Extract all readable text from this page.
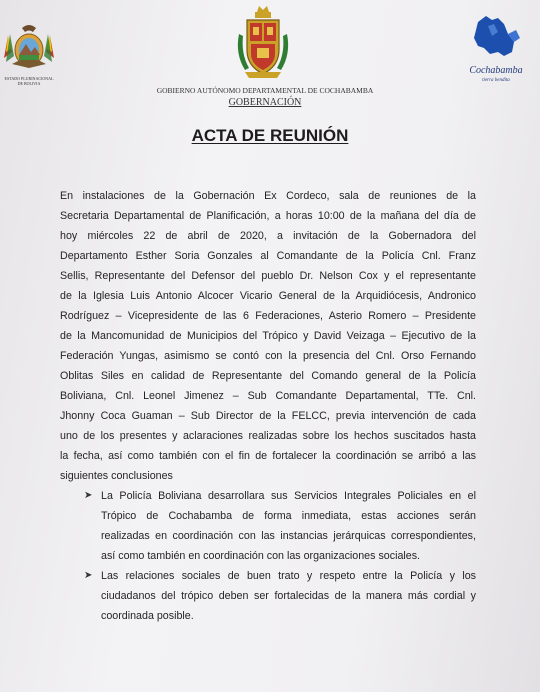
ESTADO PLURINACIONAL
DE BOLIVIA
Cochabamba
tierra bendita
GOBIERNO AUTÓNOMO DEPARTAMENTAL DE COCHABAMBA
GOBERNACIÓN
ACTA DE REUNIÓN
En instalaciones de la Gobernación Ex Cordeco, sala de reuniones de la
Secretaria Departamental de Planificación, a horas 10:00 de la mañana del día de
hoy miércoles 22 de abril de 2020, a invitación de la Gobernadora del
Departamento Esther Soria Gonzales al Comandante de la Policía Cnl. Franz
Sellis, Representante del Defensor del pueblo Dr. Nelson Cox y el representante
de la Iglesia Luis Antonio Alcocer Vicario General de la Arquidiócesis, Andronico
Rodríguez – Vicepresidente de las 6 Federaciones, Asterio Romero – Presidente
de la Mancomunidad de Municipios del Trópico y David Veizaga – Ejecutivo de la
Federación Yungas, asimismo se contó con la presencia del Cnl. Orso Fernando
Oblitas Siles en calidad de Representante del Comando general de la Policía
Boliviana, Cnl. Leonel Jimenez – Sub Comandante Departamental, TTe. Cnl.
Jhonny Coca Guaman – Sub Director de la FELCC, previa intervención de cada
uno de los presentes y aclaraciones realizadas sobre los hechos suscitados hasta
la fecha, así como también con el fin de fortalecer la coordinación se arribó a las
siguientes conclusiones
➤ La Policía Boliviana desarrollara sus Servicios Integrales Policiales en el
Trópico de Cochabamba de forma inmediata, estas acciones serán
realizadas en coordinación con las instancias jerárquicas correspondientes,
así como también en coordinación con las organizaciones sociales.
➤ Las relaciones sociales de buen trato y respeto entre la Policía y los
ciudadanos del trópico deben ser fortalecidas de la manera más cordial y
coordinada posible.
